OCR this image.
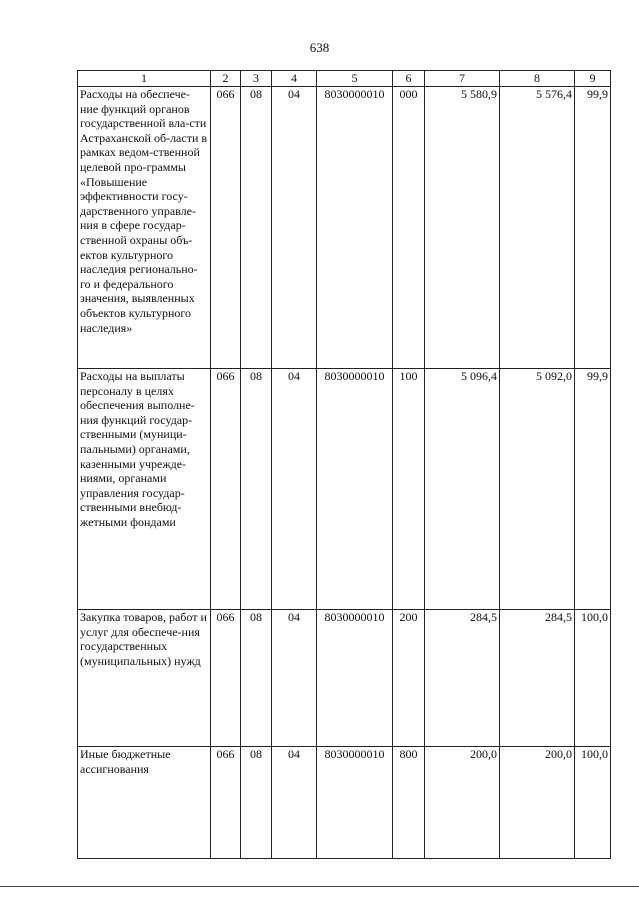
638
1	2	3	4	5	6	7	8	9
Расходы на обеспече-ние функций органов государственной вла-сти Астраханской об-ласти в рамках ведом-ственной целевой про-граммы «Повышение эффективности госу-дарственного управле-ния в сфере государ-ственной охраны объ-ектов культурного наследия регионально-го и федерального значения, выявленных объектов культурного наследия»	066	08	04	8030000010	000	5 580,9	5 576,4	99,9
Расходы на выплаты персоналу в целях обеспечения выполне-ния функций государ-ственными (муници-пальными) органами, казенными учрежде-ниями, органами управления государ-ственными внебюд-жетными фондами	066	08	04	8030000010	100	5 096,4	5 092,0	99,9
Закупка товаров, работ и услуг для обеспече-ния государственных (муниципальных) нужд	066	08	04	8030000010	200	284,5	284,5	100,0
Иные бюджетные ассигнования	066	08	04	8030000010	800	200,0	200,0	100,0
